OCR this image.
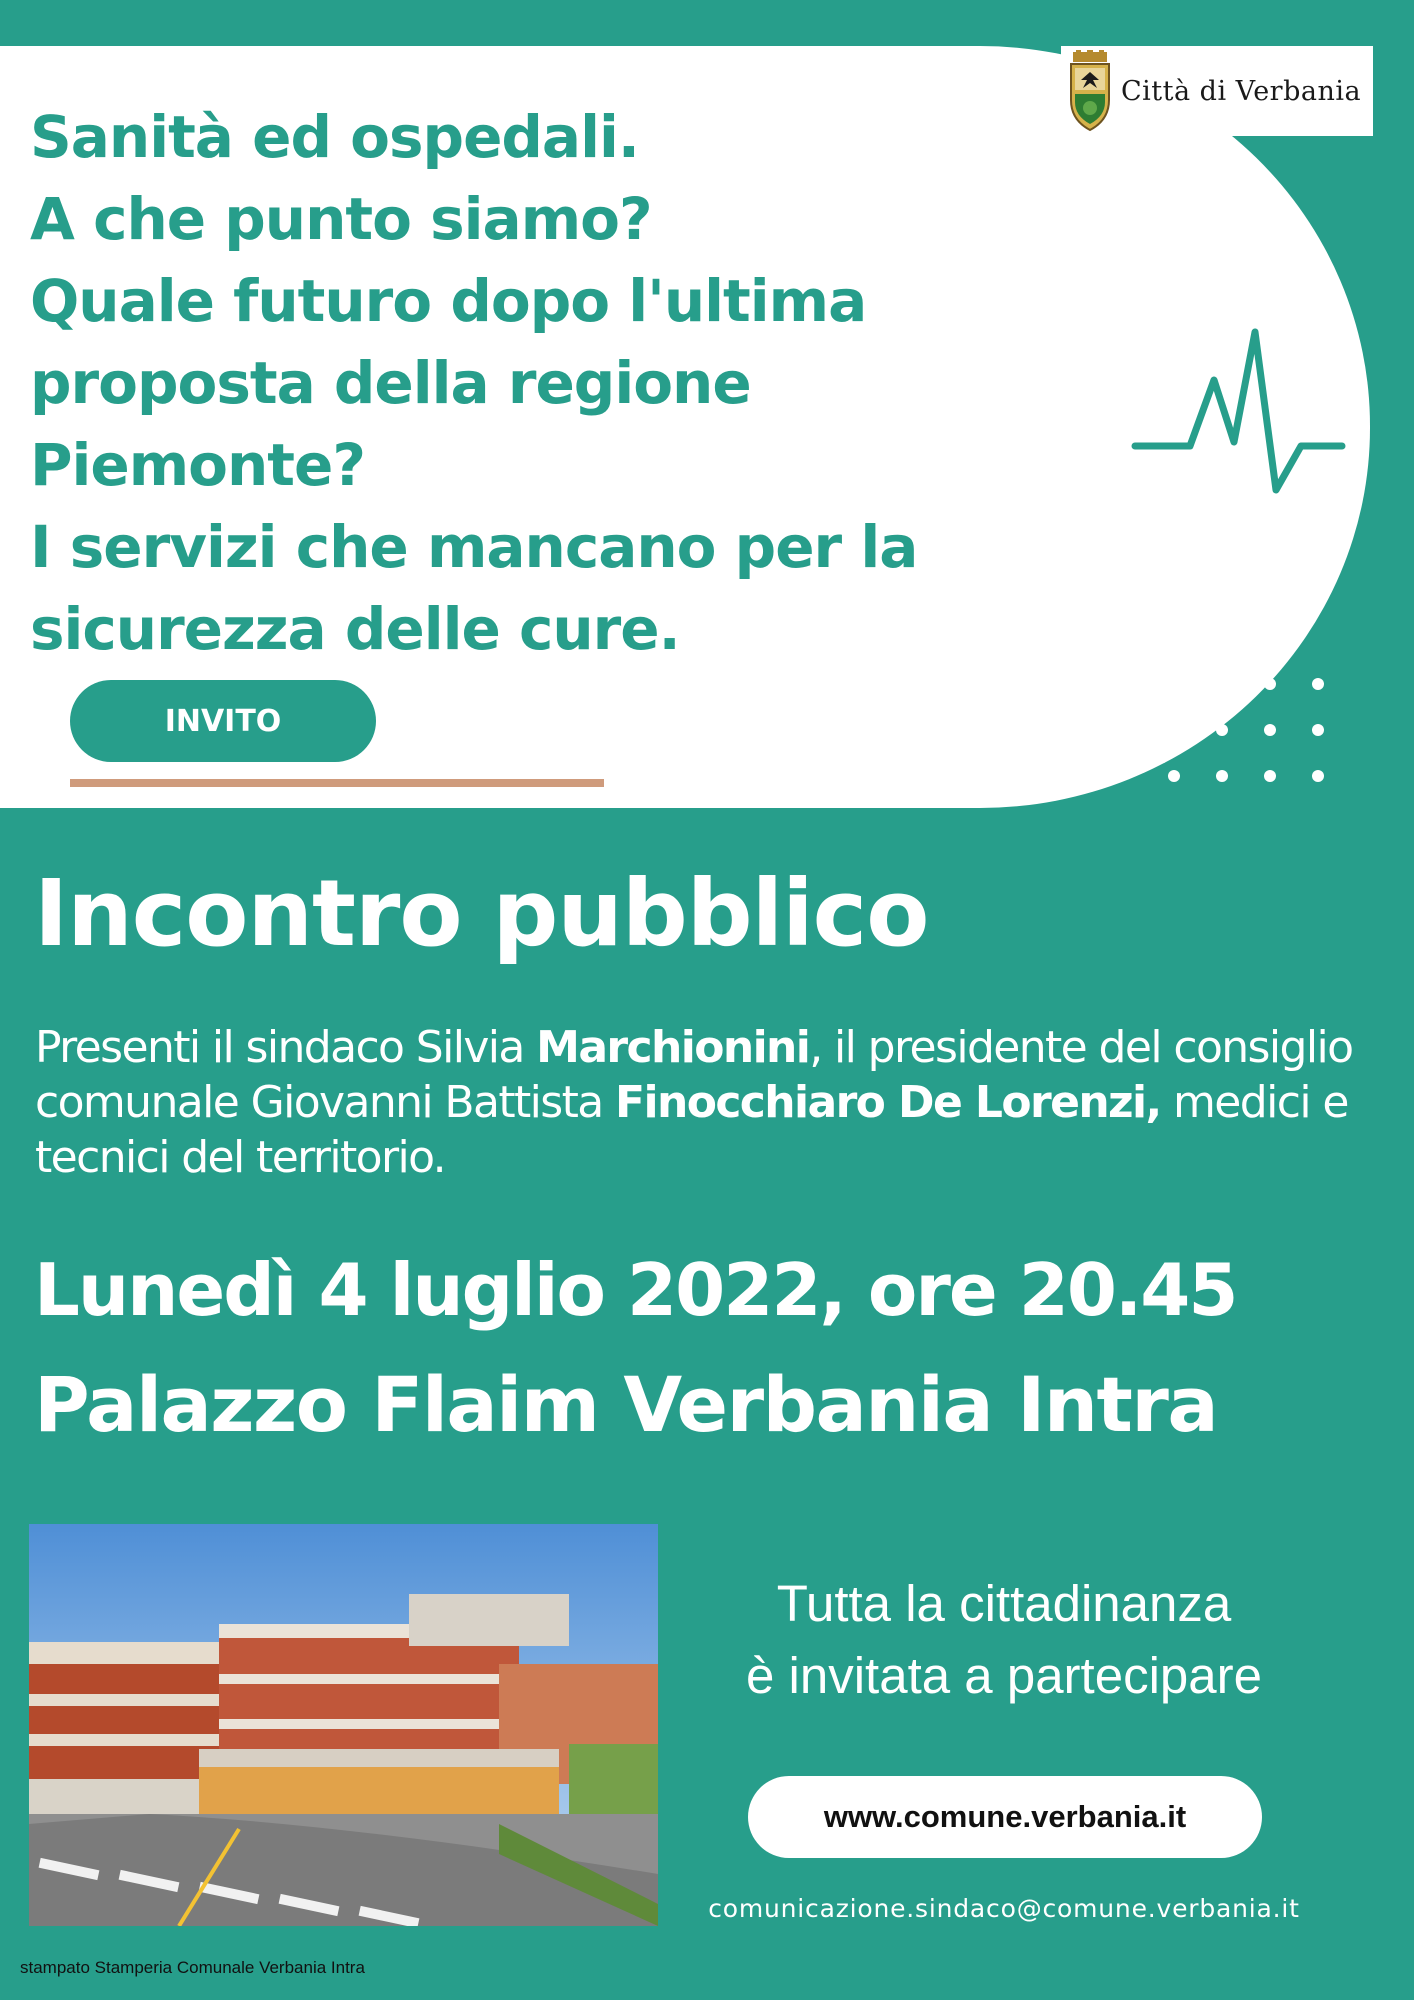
Città di Verbania
Sanità ed ospedali.
A che punto siamo?
Quale futuro dopo l'ultima
proposta della regione
Piemonte?
I servizi che mancano per la
sicurezza delle cure.
INVITO
Incontro pubblico

Presenti il sindaco Silvia Marchionini, il presidente del consiglio comunale Giovanni Battista Finocchiaro De Lorenzi, medici e tecnici del territorio.

Lunedì 4 luglio 2022, ore 20.45
Palazzo Flaim Verbania Intra
Tutta la cittadinanza
è invitata a partecipare
www.comune.verbania.it
comunicazione.sindaco@comune.verbania.it
stampato Stamperia Comunale Verbania Intra
